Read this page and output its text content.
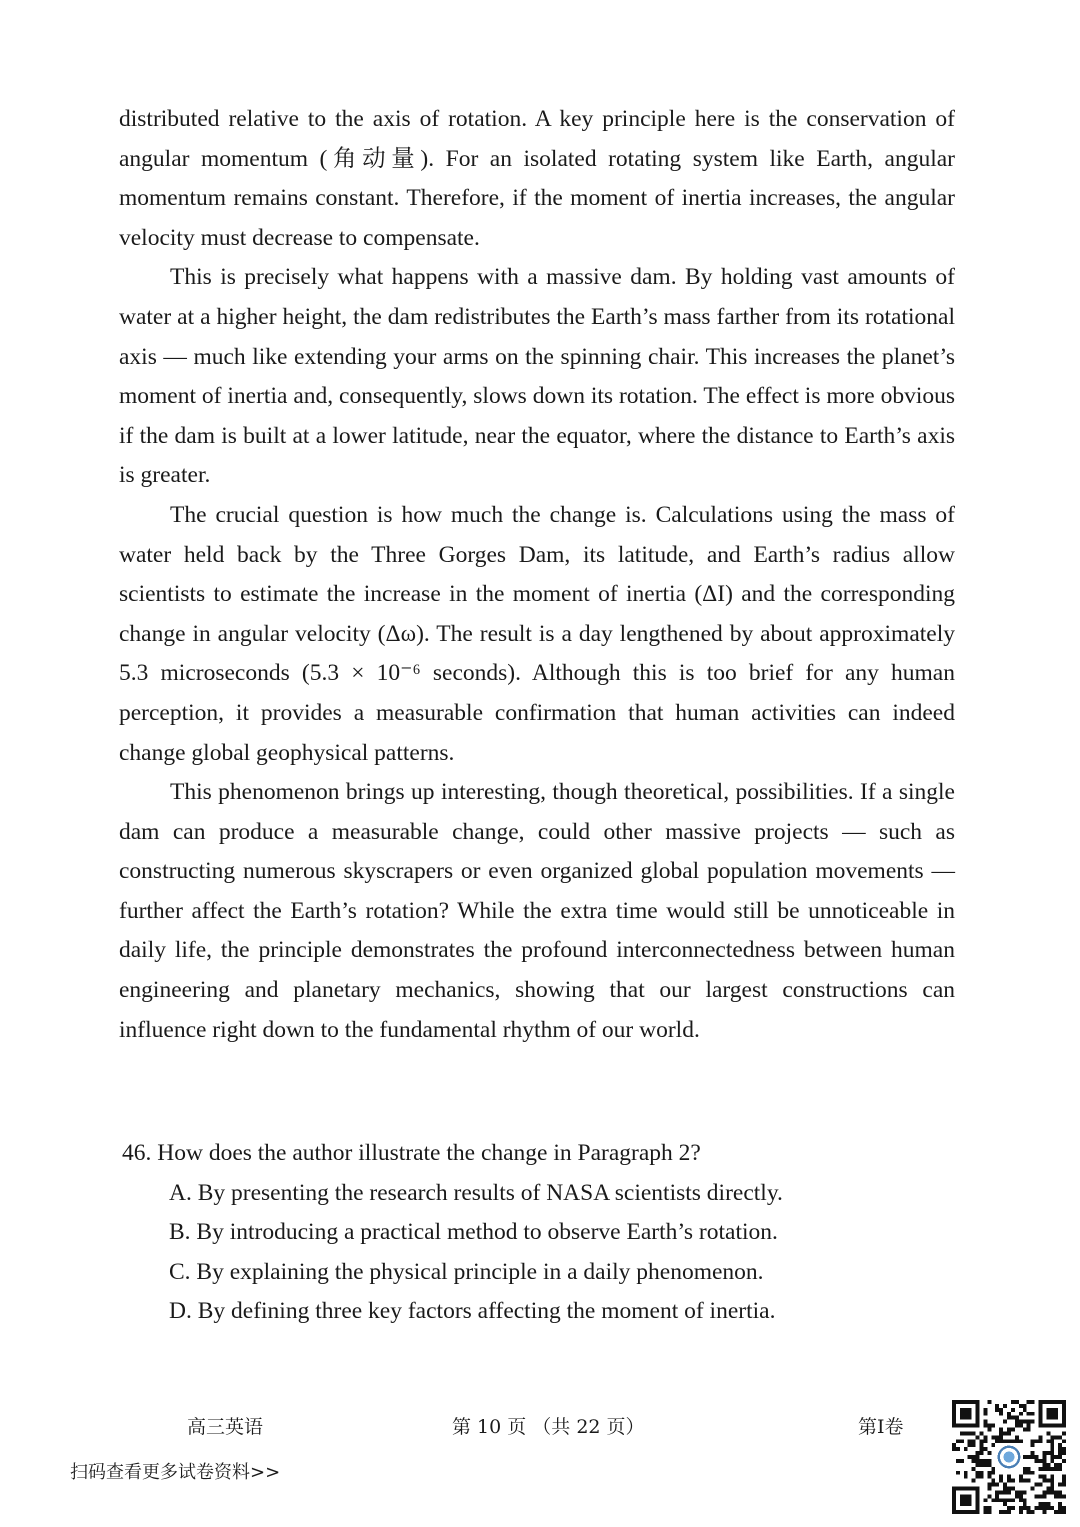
distributed relative to the axis of rotation. A key principle here is the conservation of angular momentum (角动量). For an isolated rotating system like Earth, angular momentum remains constant. Therefore, if the moment of inertia increases, the angular velocity must decrease to compensate.

This is precisely what happens with a massive dam. By holding vast amounts of water at a higher height, the dam redistributes the Earth’s mass farther from its rotational axis — much like extending your arms on the spinning chair. This increases the planet’s moment of inertia and, consequently, slows down its rotation. The effect is more obvious if the dam is built at a lower latitude, near the equator, where the distance to Earth’s axis is greater.

The crucial question is how much the change is. Calculations using the mass of water held back by the Three Gorges Dam, its latitude, and Earth’s radius allow scientists to estimate the increase in the moment of inertia (ΔI) and the corresponding change in angular velocity (Δω). The result is a day lengthened by about approximately 5.3 microseconds (5.3 × 10⁻⁶ seconds). Although this is too brief for any human perception, it provides a measurable confirmation that human activities can indeed change global geophysical patterns.

This phenomenon brings up interesting, though theoretical, possibilities. If a single dam can produce a measurable change, could other massive projects — such as constructing numerous skyscrapers or even organized global population movements — further affect the Earth’s rotation? While the extra time would still be unnoticeable in daily life, the principle demonstrates the profound interconnectedness between human engineering and planetary mechanics, showing that our largest constructions can influence right down to the fundamental rhythm of our world.

46. How does the author illustrate the change in Paragraph 2?

A. By presenting the research results of NASA scientists directly.
B. By introducing a practical method to observe Earth’s rotation.
C. By explaining the physical principle in a daily phenomenon.
D. By defining three key factors affecting the moment of inertia.
高三英语	第 10 页 （共 22 页）	第I卷
扫码查看更多试卷资料>>
